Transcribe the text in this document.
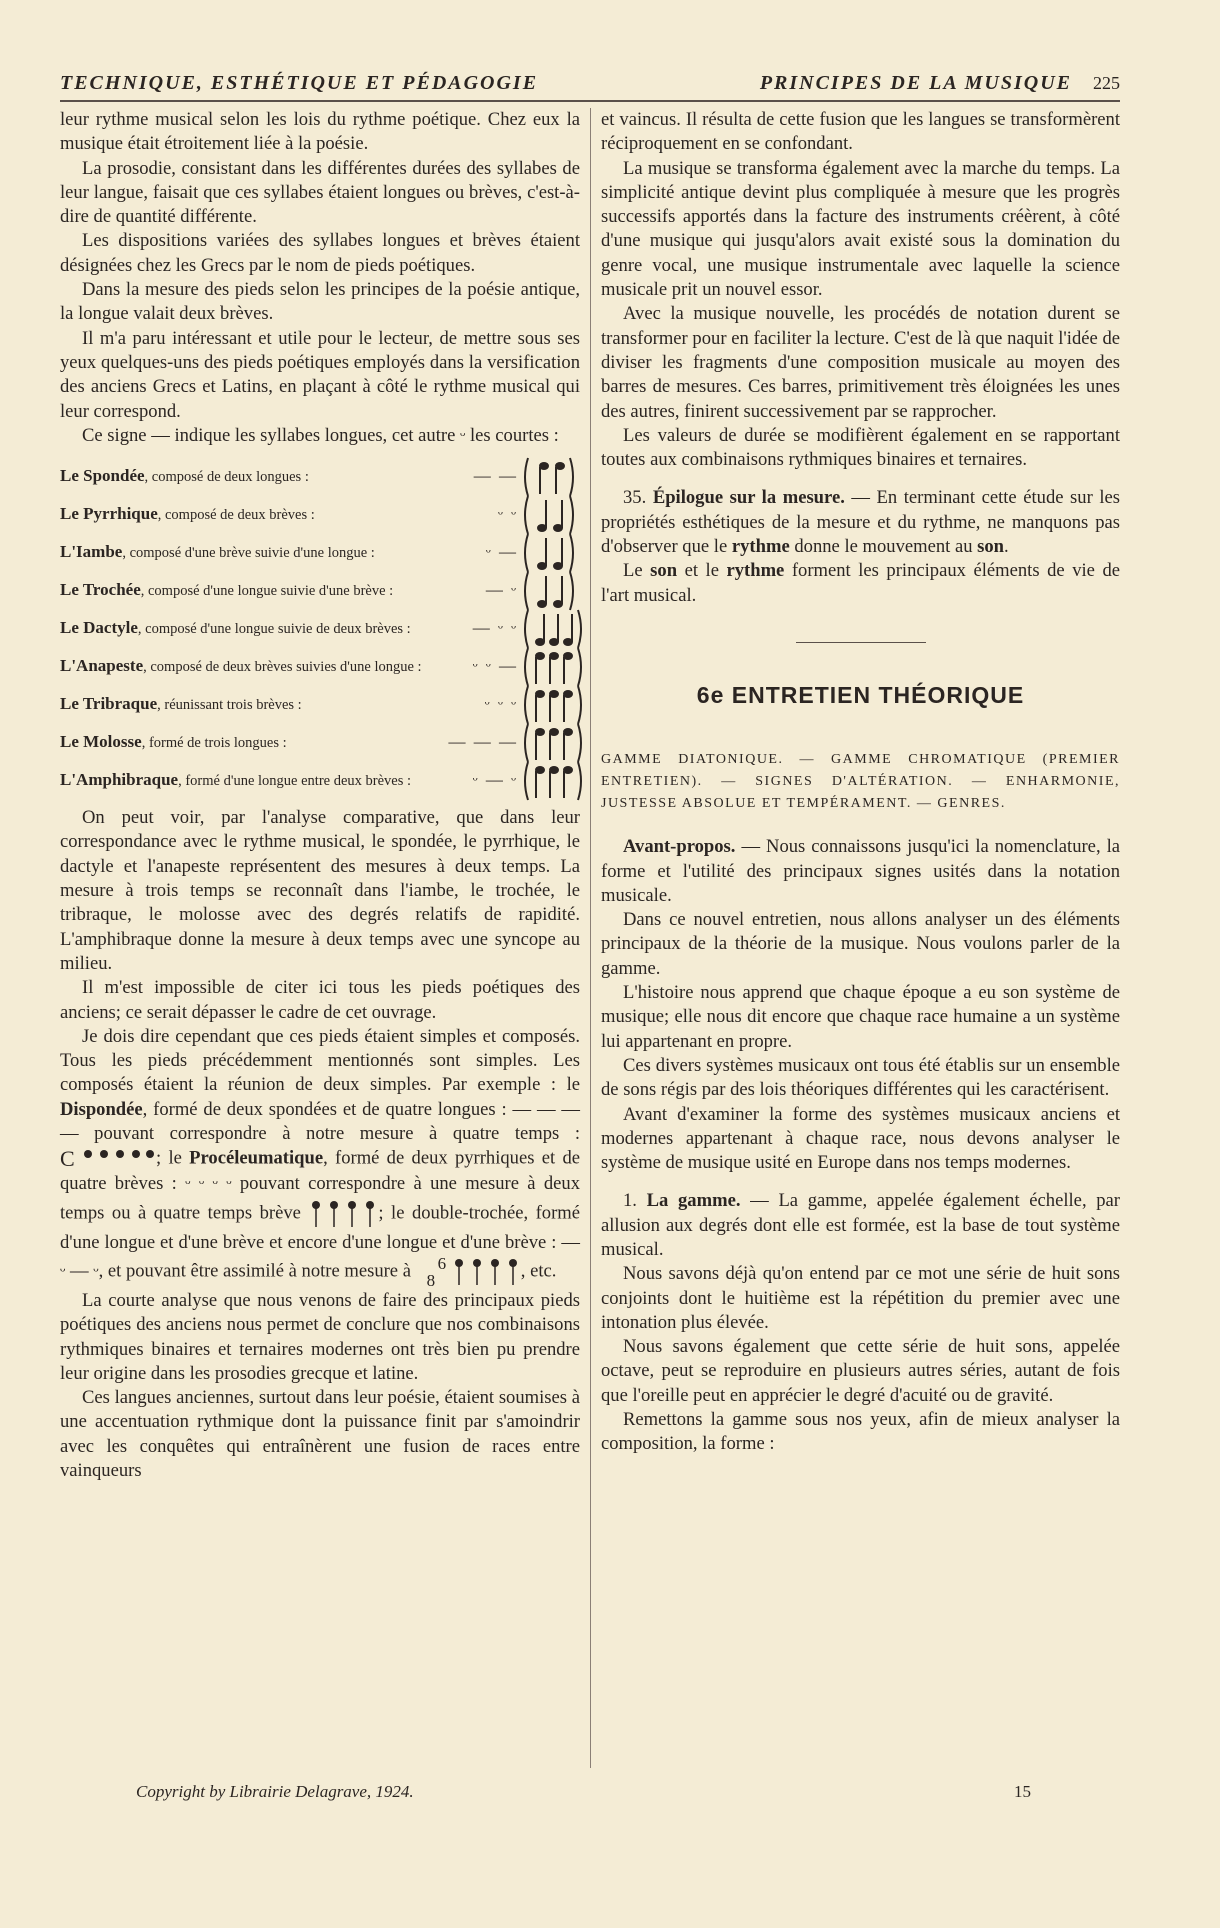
TECHNIQUE, ESTHÉTIQUE ET PÉDAGOGIE	PRINCIPES DE LA MUSIQUE 225

leur rythme musical selon les lois du rythme poétique. Chez eux la musique était étroitement liée à la poésie.

La prosodie, consistant dans les différentes durées des syllabes de leur langue, faisait que ces syllabes étaient longues ou brèves, c'est-à-dire de quantité différente.

Les dispositions variées des syllabes longues et brèves étaient désignées chez les Grecs par le nom de pieds poétiques.

Dans la mesure des pieds selon les principes de la poésie antique, la longue valait deux brèves.

Il m'a paru intéressant et utile pour le lecteur, de mettre sous ses yeux quelques-uns des pieds poétiques employés dans la versification des anciens Grecs et Latins, en plaçant à côté le rythme musical qui leur correspond.

Ce signe — indique les syllabes longues, cet autre ᵕ les courtes :

Le Spondée, composé de deux longues :	— —
Le Pyrrhique, composé de deux brèves :	ᵕ ᵕ
L'Iambe, composé d'une brève suivie d'une longue :	ᵕ —
Le Trochée, composé d'une longue suivie d'une brève :	— ᵕ
Le Dactyle, composé d'une longue suivie de deux brèves :	— ᵕ ᵕ
L'Anapeste, composé de deux brèves suivies d'une longue :	ᵕ ᵕ —
Le Tribraque, réunissant trois brèves :	ᵕ ᵕ ᵕ
Le Molosse, formé de trois longues :	— — —
L'Amphibraque, formé d'une longue entre deux brèves :	ᵕ — ᵕ

On peut voir, par l'analyse comparative, que dans leur correspondance avec le rythme musical, le spondée, le pyrrhique, le dactyle et l'anapeste représentent des mesures à deux temps. La mesure à trois temps se reconnaît dans l'iambe, le trochée, le tribraque, le molosse avec des degrés relatifs de rapidité. L'amphibraque donne la mesure à deux temps avec une syncope au milieu.

Il m'est impossible de citer ici tous les pieds poétiques des anciens; ce serait dépasser le cadre de cet ouvrage.

Je dois dire cependant que ces pieds étaient simples et composés. Tous les pieds précédemment mentionnés sont simples. Les composés étaient la réunion de deux simples. Par exemple : le Dispondée, formé de deux spondées et de quatre longues : — — — — pouvant correspondre à notre mesure à quatre temps :
C	; le Procéleumatique, formé de deux pyrrhiques et de quatre brèves : ᵕ ᵕ ᵕ ᵕ pouvant correspondre à une mesure à deux temps ou à quatre temps brève	; le double-trochée, formé d'une longue et d'une brève et encore d'une longue et d'une brève : — ᵕ — ᵕ, et pouvant être assimilé à notre mesure à 6
8	, etc.

La courte analyse que nous venons de faire des principaux pieds poétiques des anciens nous permet de conclure que nos combinaisons rythmiques binaires et ternaires modernes ont très bien pu prendre leur origine dans les prosodies grecque et latine.

Ces langues anciennes, surtout dans leur poésie, étaient soumises à une accentuation rythmique dont la puissance finit par s'amoindrir avec les conquêtes qui entraînèrent une fusion de races entre vainqueurs

et vaincus. Il résulta de cette fusion que les langues se transformèrent réciproquement en se confondant.

La musique se transforma également avec la marche du temps. La simplicité antique devint plus compliquée à mesure que les progrès successifs apportés dans la facture des instruments créèrent, à côté d'une musique qui jusqu'alors avait existé sous la domination du genre vocal, une musique instrumentale avec laquelle la science musicale prit un nouvel essor.

Avec la musique nouvelle, les procédés de notation durent se transformer pour en faciliter la lecture. C'est de là que naquit l'idée de diviser les fragments d'une composition musicale au moyen des barres de mesures. Ces barres, primitivement très éloignées les unes des autres, finirent successivement par se rapprocher.

Les valeurs de durée se modifièrent également en se rapportant toutes aux combinaisons rythmiques binaires et ternaires.

35. Épilogue sur la mesure. — En terminant cette étude sur les propriétés esthétiques de la mesure et du rythme, ne manquons pas d'observer que le rythme donne le mouvement au son.

Le son et le rythme forment les principaux éléments de vie de l'art musical.

6e ENTRETIEN THÉORIQUE
GAMME DIATONIQUE. — GAMME CHROMATIQUE (PREMIER ENTRETIEN). — SIGNES D'ALTÉRATION. — ENHARMONIE, JUSTESSE ABSOLUE ET TEMPÉRAMENT. — GENRES.

Avant-propos. — Nous connaissons jusqu'ici la nomenclature, la forme et l'utilité des principaux signes usités dans la notation musicale.

Dans ce nouvel entretien, nous allons analyser un des éléments principaux de la théorie de la musique. Nous voulons parler de la gamme.

L'histoire nous apprend que chaque époque a eu son système de musique; elle nous dit encore que chaque race humaine a un système lui appartenant en propre.

Ces divers systèmes musicaux ont tous été établis sur un ensemble de sons régis par des lois théoriques différentes qui les caractérisent.

Avant d'examiner la forme des systèmes musicaux anciens et modernes appartenant à chaque race, nous devons analyser le système de musique usité en Europe dans nos temps modernes.

1. La gamme. — La gamme, appelée également échelle, par allusion aux degrés dont elle est formée, est la base de tout système musical.

Nous savons déjà qu'on entend par ce mot une série de huit sons conjoints dont le huitième est la répétition du premier avec une intonation plus élevée.

Nous savons également que cette série de huit sons, appelée octave, peut se reproduire en plusieurs autres séries, autant de fois que l'oreille peut en apprécier le degré d'acuité ou de gravité.

Remettons la gamme sous nos yeux, afin de mieux analyser la composition, la forme :

Copyright by Librairie Delagrave, 1924.	15
